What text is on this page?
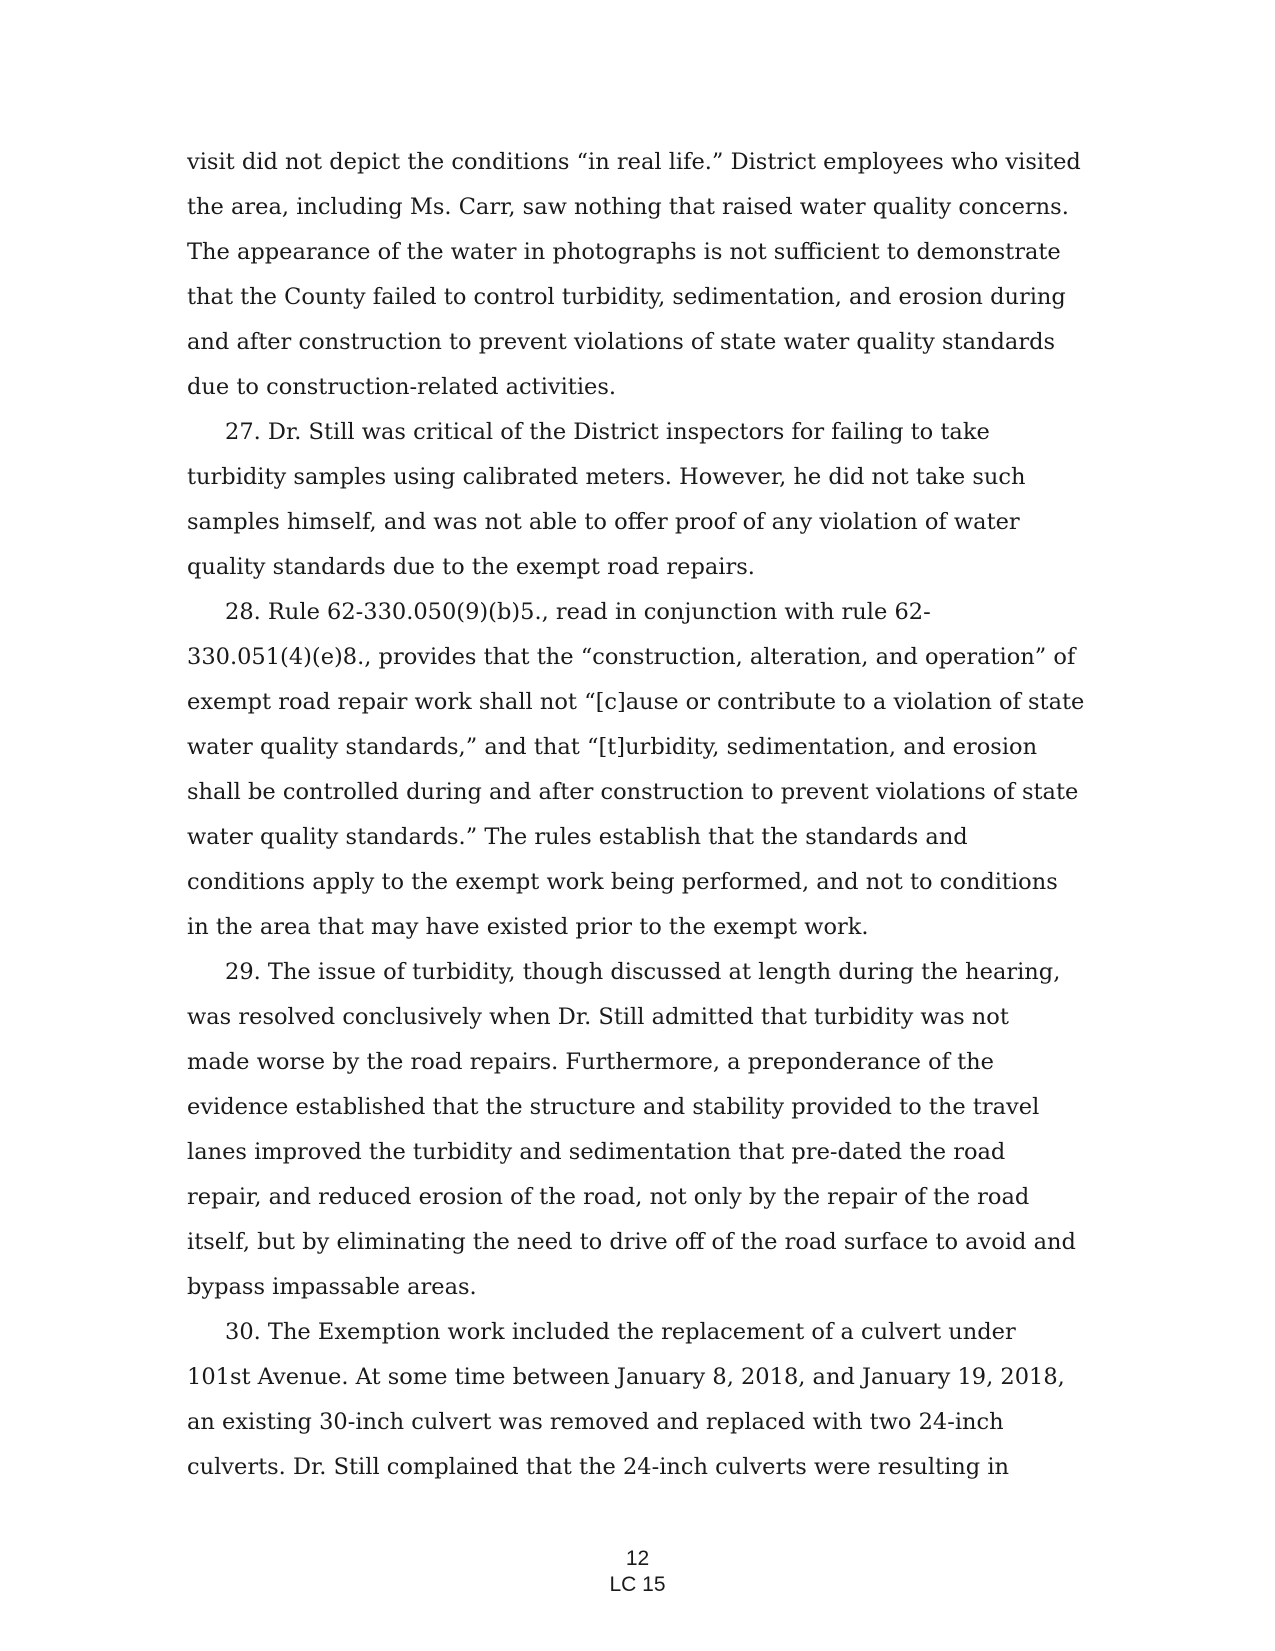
visit did not depict the conditions “in real life.” District employees who visited
the area, including Ms. Carr, saw nothing that raised water quality concerns.
The appearance of the water in photographs is not sufficient to demonstrate
that the County failed to control turbidity, sedimentation, and erosion during
and after construction to prevent violations of state water quality standards
due to construction-related activities.
27. Dr. Still was critical of the District inspectors for failing to take
turbidity samples using calibrated meters. However, he did not take such
samples himself, and was not able to offer proof of any violation of water
quality standards due to the exempt road repairs.
28. Rule 62-330.050(9)(b)5., read in conjunction with rule 62-
330.051(4)(e)8., provides that the “construction, alteration, and operation” of
exempt road repair work shall not “[c]ause or contribute to a violation of state
water quality standards,” and that “[t]urbidity, sedimentation, and erosion
shall be controlled during and after construction to prevent violations of state
water quality standards.” The rules establish that the standards and
conditions apply to the exempt work being performed, and not to conditions
in the area that may have existed prior to the exempt work.
29. The issue of turbidity, though discussed at length during the hearing,
was resolved conclusively when Dr. Still admitted that turbidity was not
made worse by the road repairs. Furthermore, a preponderance of the
evidence established that the structure and stability provided to the travel
lanes improved the turbidity and sedimentation that pre-dated the road
repair, and reduced erosion of the road, not only by the repair of the road
itself, but by eliminating the need to drive off of the road surface to avoid and
bypass impassable areas.
30. The Exemption work included the replacement of a culvert under
101st Avenue. At some time between January 8, 2018, and January 19, 2018,
an existing 30-inch culvert was removed and replaced with two 24-inch
culverts. Dr. Still complained that the 24-inch culverts were resulting in
12
LC 15
